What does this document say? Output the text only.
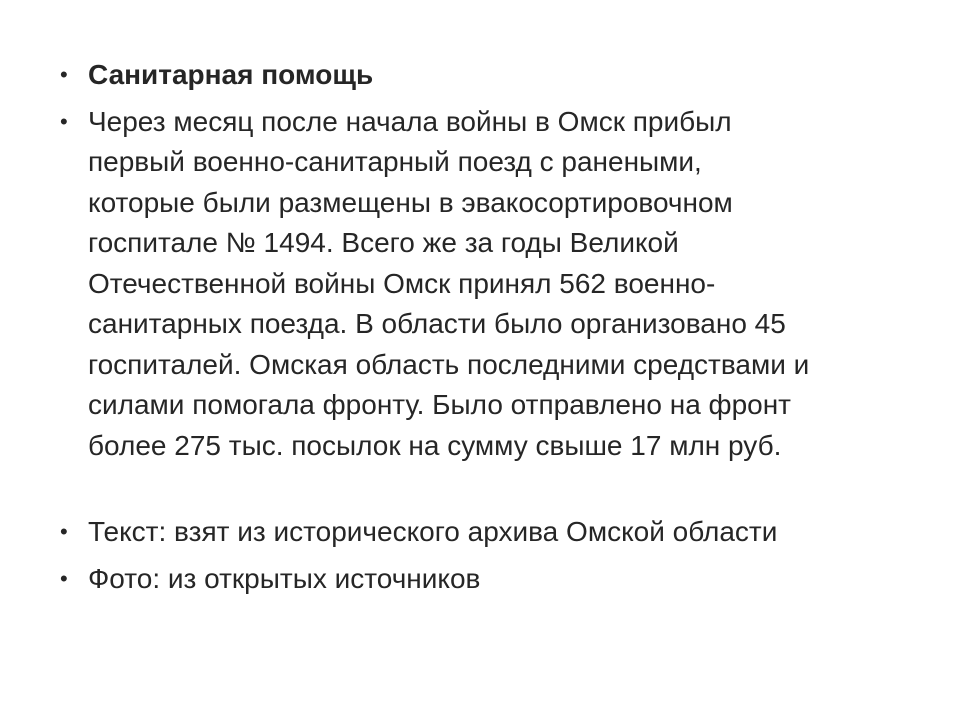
• Санитарная помощь
• Через месяц после начала войны в Омск прибыл
первый военно-санитарный поезд с ранеными,
которые были размещены в эвакосортировочном
госпитале № 1494. Всего же за годы Великой
Отечественной войны Омск принял 562 военно-
санитарных поезда. В области было организовано 45
госпиталей. Омская область последними средствами и
силами помогала фронту. Было отправлено на фронт
более 275 тыс. посылок на сумму свыше 17 млн руб.
• Текст: взят из исторического архива Омской области
• Фото: из открытых источников
